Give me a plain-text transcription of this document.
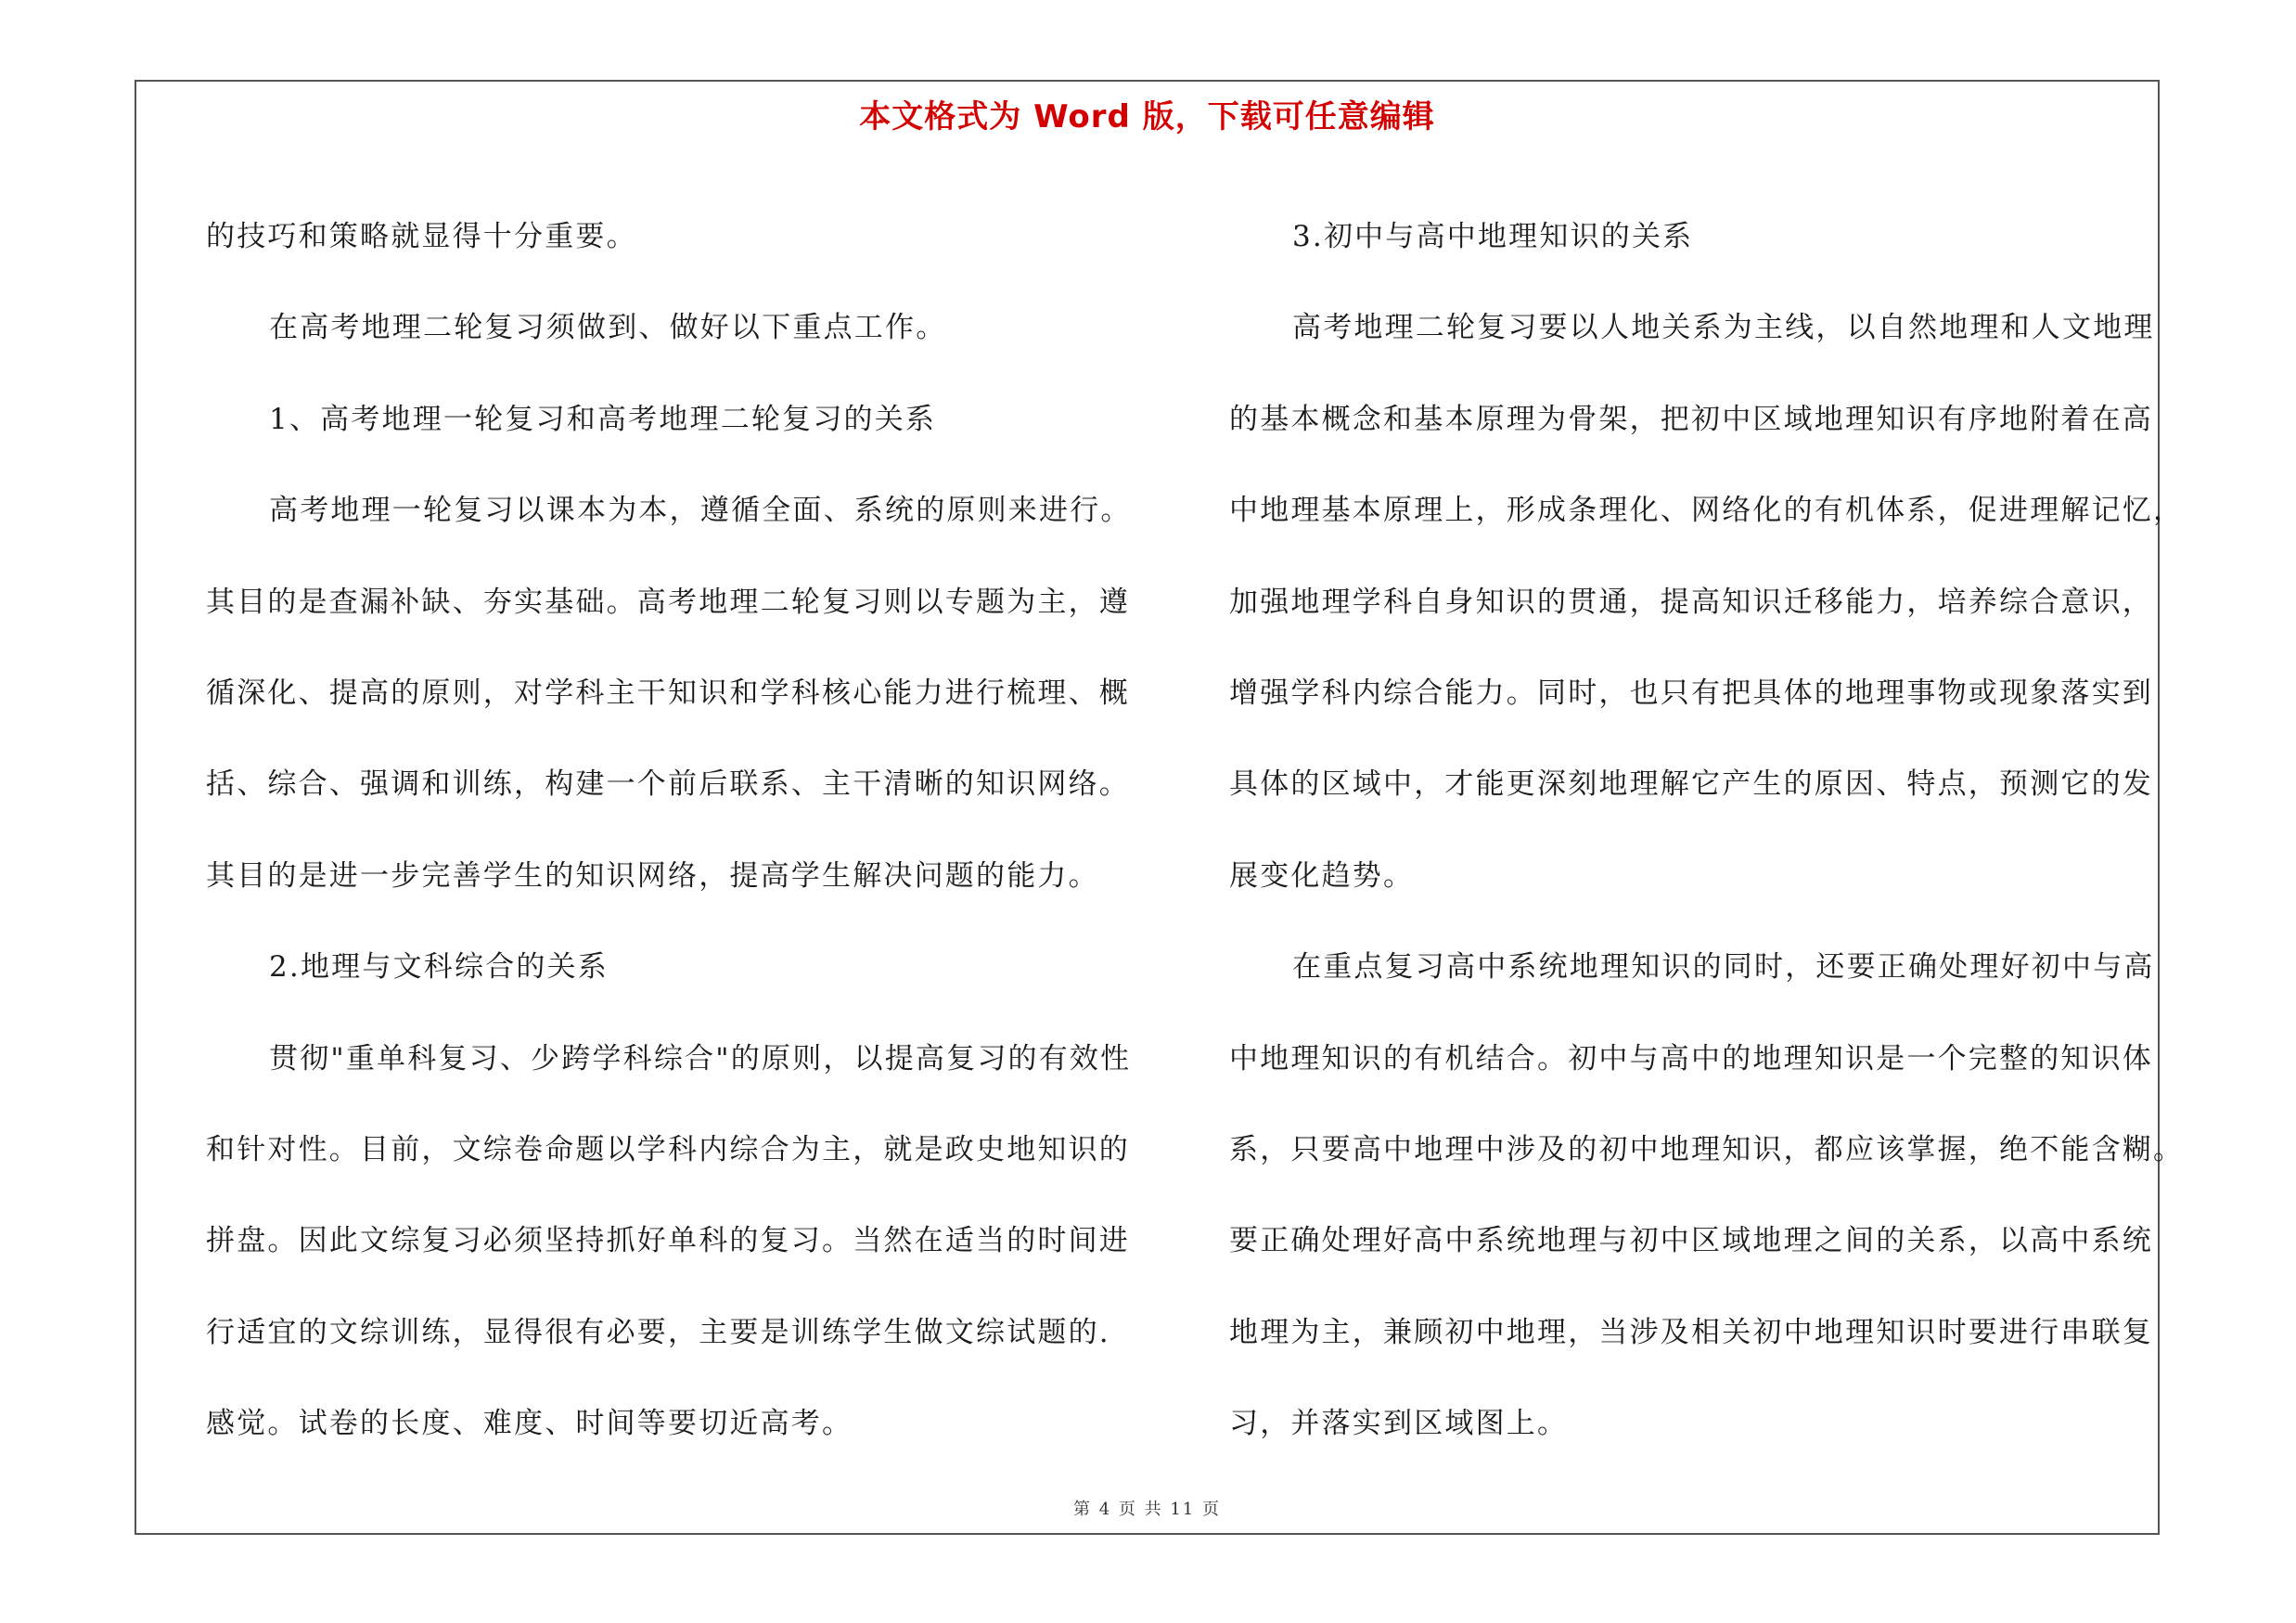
本文格式为 Word 版，下载可任意编辑

的技巧和策略就显得十分重要。

在高考地理二轮复习须做到、做好以下重点工作。

1、高考地理一轮复习和高考地理二轮复习的关系

高考地理一轮复习以课本为本，遵循全面、系统的原则来进行。

其目的是查漏补缺、夯实基础。高考地理二轮复习则以专题为主，遵

循深化、提高的原则，对学科主干知识和学科核心能力进行梳理、概

括、综合、强调和训练，构建一个前后联系、主干清晰的知识网络。

其目的是进一步完善学生的知识网络，提高学生解决问题的能力。

2.地理与文科综合的关系

贯彻"重单科复习、少跨学科综合"的原则，以提高复习的有效性

和针对性。目前，文综卷命题以学科内综合为主，就是政史地知识的

拼盘。因此文综复习必须坚持抓好单科的复习。当然在适当的时间进

行适宜的文综训练，显得很有必要，主要是训练学生做文综试题的.

感觉。试卷的长度、难度、时间等要切近高考。

3.初中与高中地理知识的关系

高考地理二轮复习要以人地关系为主线，以自然地理和人文地理

的基本概念和基本原理为骨架，把初中区域地理知识有序地附着在高

中地理基本原理上，形成条理化、网络化的有机体系，促进理解记忆，

加强地理学科自身知识的贯通，提高知识迁移能力，培养综合意识，

增强学科内综合能力。同时，也只有把具体的地理事物或现象落实到

具体的区域中，才能更深刻地理解它产生的原因、特点，预测它的发

展变化趋势。

在重点复习高中系统地理知识的同时，还要正确处理好初中与高

中地理知识的有机结合。初中与高中的地理知识是一个完整的知识体

系，只要高中地理中涉及的初中地理知识，都应该掌握，绝不能含糊。

要正确处理好高中系统地理与初中区域地理之间的关系，以高中系统

地理为主，兼顾初中地理，当涉及相关初中地理知识时要进行串联复

习，并落实到区域图上。

第 4 页 共 11 页
